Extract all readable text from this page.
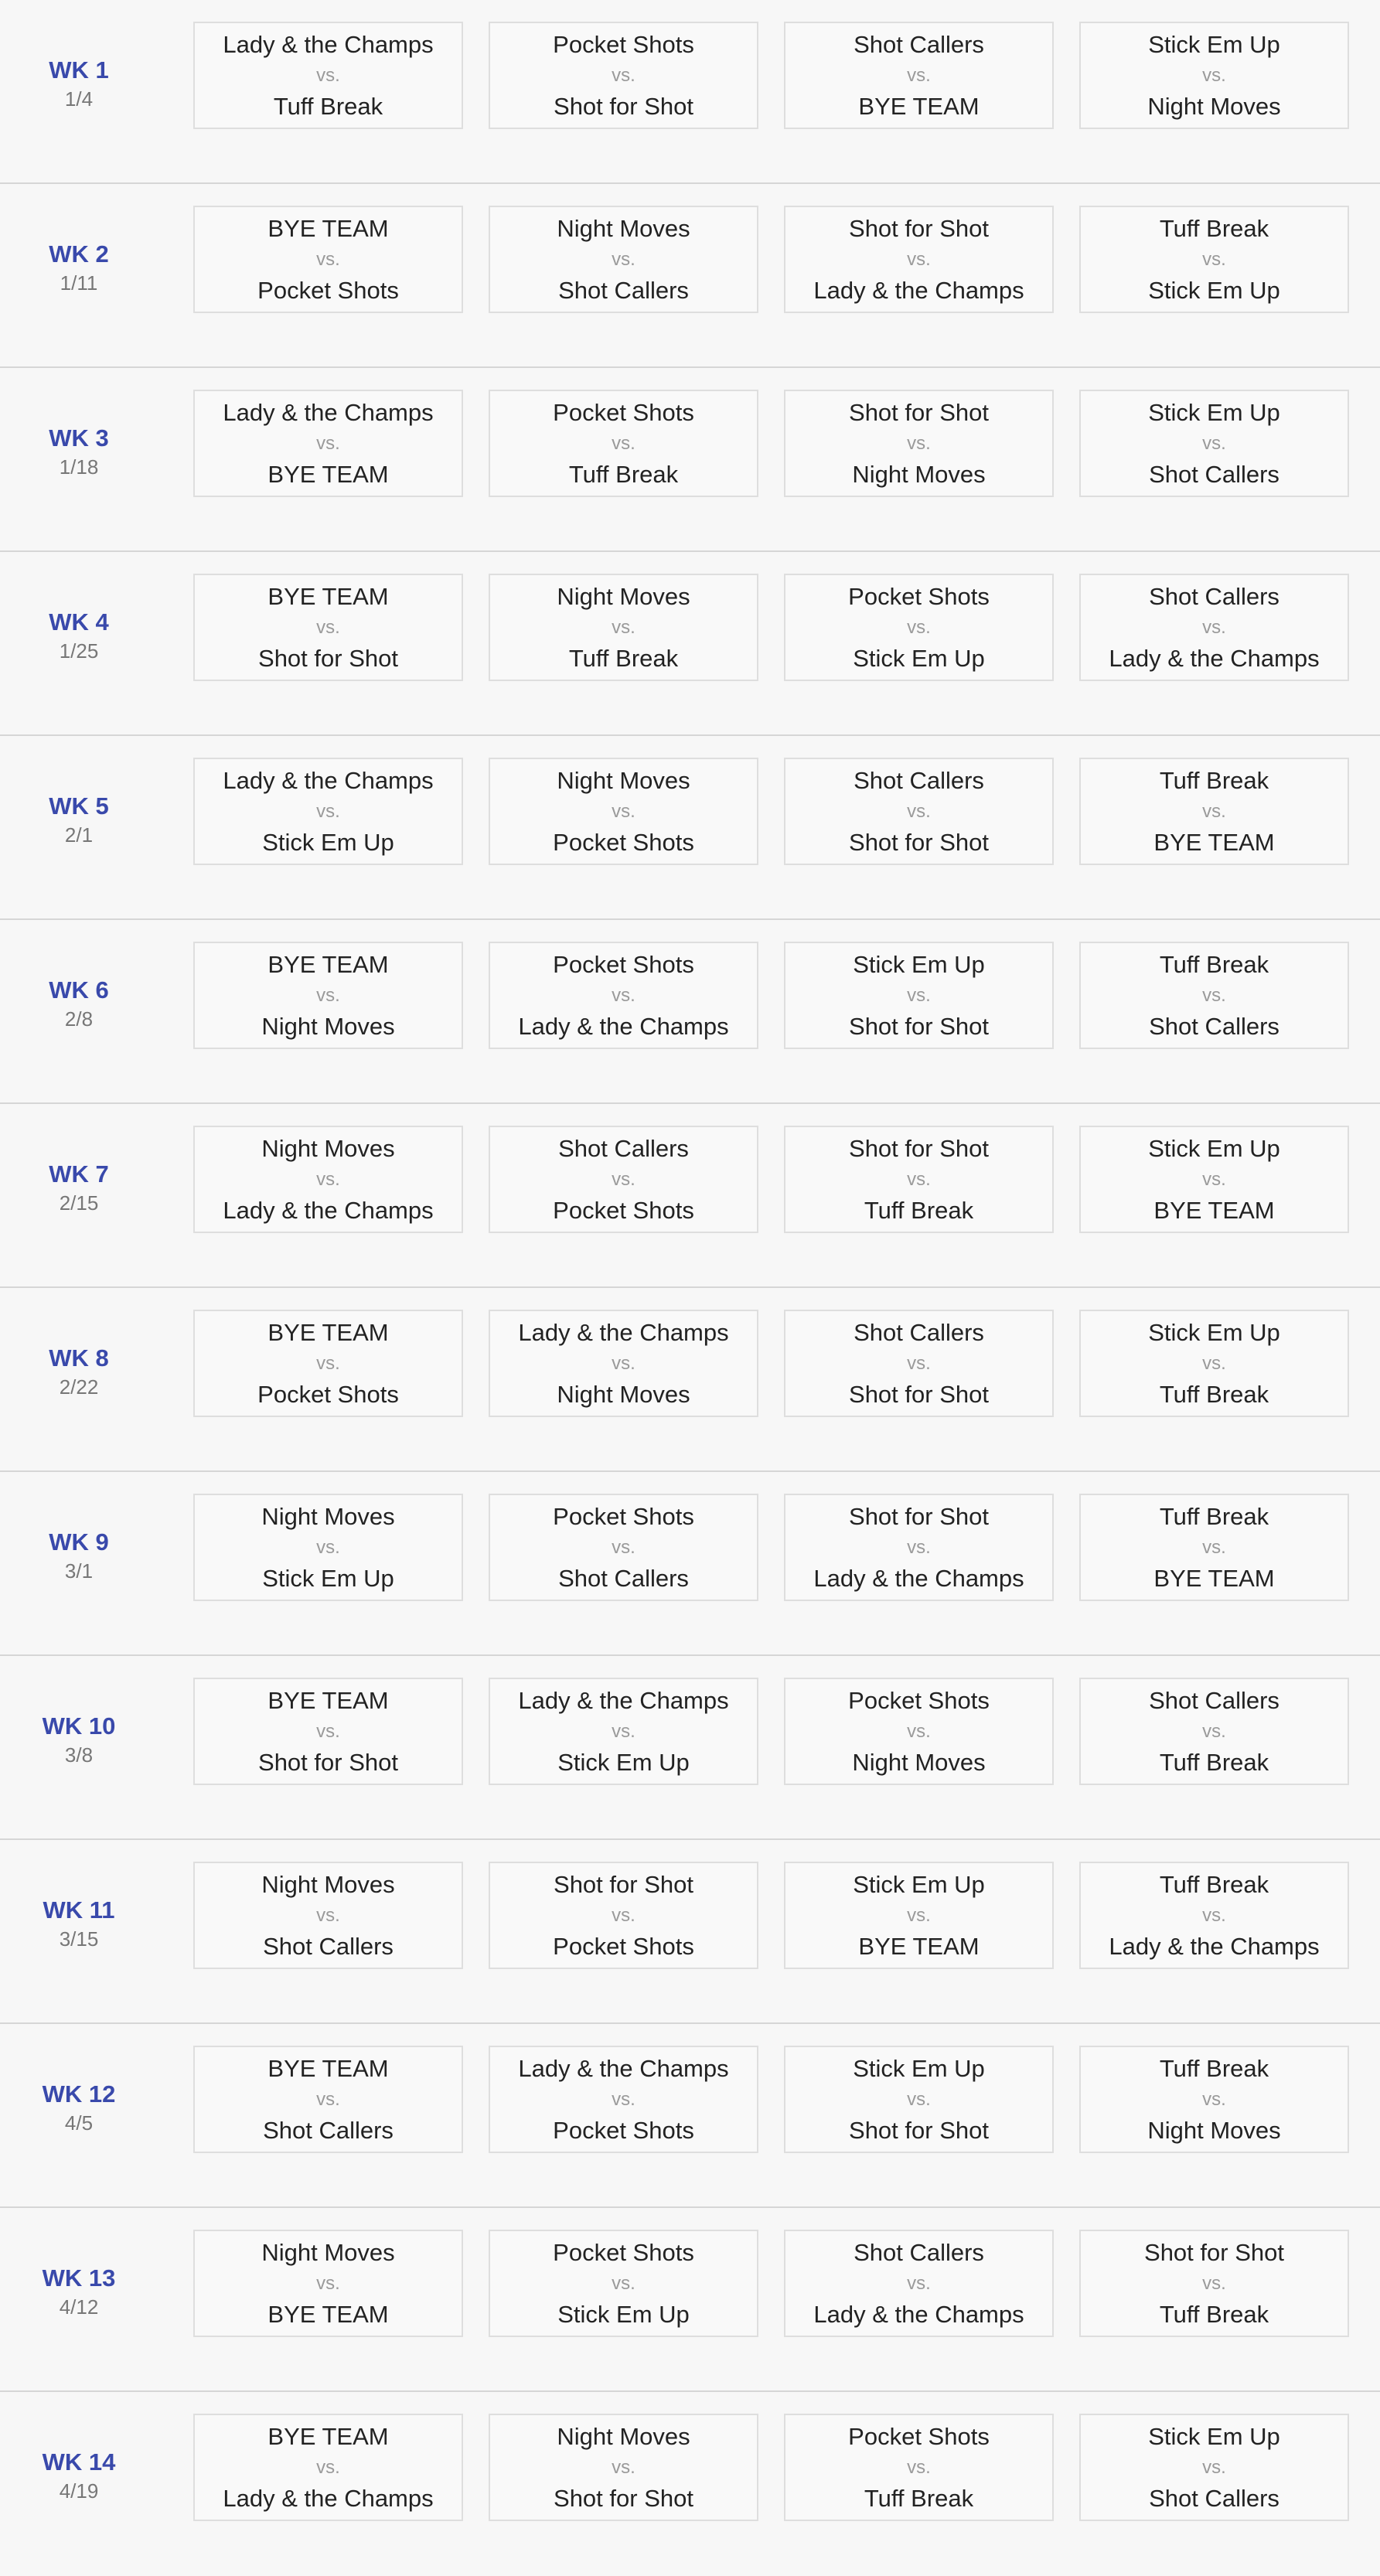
WK 1
1/4
Lady & the Champs
vs.
Tuff Break
Pocket Shots
vs.
Shot for Shot
Shot Callers
vs.
BYE TEAM
Stick Em Up
vs.
Night Moves
WK 2
1/11
BYE TEAM
vs.
Pocket Shots
Night Moves
vs.
Shot Callers
Shot for Shot
vs.
Lady & the Champs
Tuff Break
vs.
Stick Em Up
WK 3
1/18
Lady & the Champs
vs.
BYE TEAM
Pocket Shots
vs.
Tuff Break
Shot for Shot
vs.
Night Moves
Stick Em Up
vs.
Shot Callers
WK 4
1/25
BYE TEAM
vs.
Shot for Shot
Night Moves
vs.
Tuff Break
Pocket Shots
vs.
Stick Em Up
Shot Callers
vs.
Lady & the Champs
WK 5
2/1
Lady & the Champs
vs.
Stick Em Up
Night Moves
vs.
Pocket Shots
Shot Callers
vs.
Shot for Shot
Tuff Break
vs.
BYE TEAM
WK 6
2/8
BYE TEAM
vs.
Night Moves
Pocket Shots
vs.
Lady & the Champs
Stick Em Up
vs.
Shot for Shot
Tuff Break
vs.
Shot Callers
WK 7
2/15
Night Moves
vs.
Lady & the Champs
Shot Callers
vs.
Pocket Shots
Shot for Shot
vs.
Tuff Break
Stick Em Up
vs.
BYE TEAM
WK 8
2/22
BYE TEAM
vs.
Pocket Shots
Lady & the Champs
vs.
Night Moves
Shot Callers
vs.
Shot for Shot
Stick Em Up
vs.
Tuff Break
WK 9
3/1
Night Moves
vs.
Stick Em Up
Pocket Shots
vs.
Shot Callers
Shot for Shot
vs.
Lady & the Champs
Tuff Break
vs.
BYE TEAM
WK 10
3/8
BYE TEAM
vs.
Shot for Shot
Lady & the Champs
vs.
Stick Em Up
Pocket Shots
vs.
Night Moves
Shot Callers
vs.
Tuff Break
WK 11
3/15
Night Moves
vs.
Shot Callers
Shot for Shot
vs.
Pocket Shots
Stick Em Up
vs.
BYE TEAM
Tuff Break
vs.
Lady & the Champs
WK 12
4/5
BYE TEAM
vs.
Shot Callers
Lady & the Champs
vs.
Pocket Shots
Stick Em Up
vs.
Shot for Shot
Tuff Break
vs.
Night Moves
WK 13
4/12
Night Moves
vs.
BYE TEAM
Pocket Shots
vs.
Stick Em Up
Shot Callers
vs.
Lady & the Champs
Shot for Shot
vs.
Tuff Break
WK 14
4/19
BYE TEAM
vs.
Lady & the Champs
Night Moves
vs.
Shot for Shot
Pocket Shots
vs.
Tuff Break
Stick Em Up
vs.
Shot Callers
